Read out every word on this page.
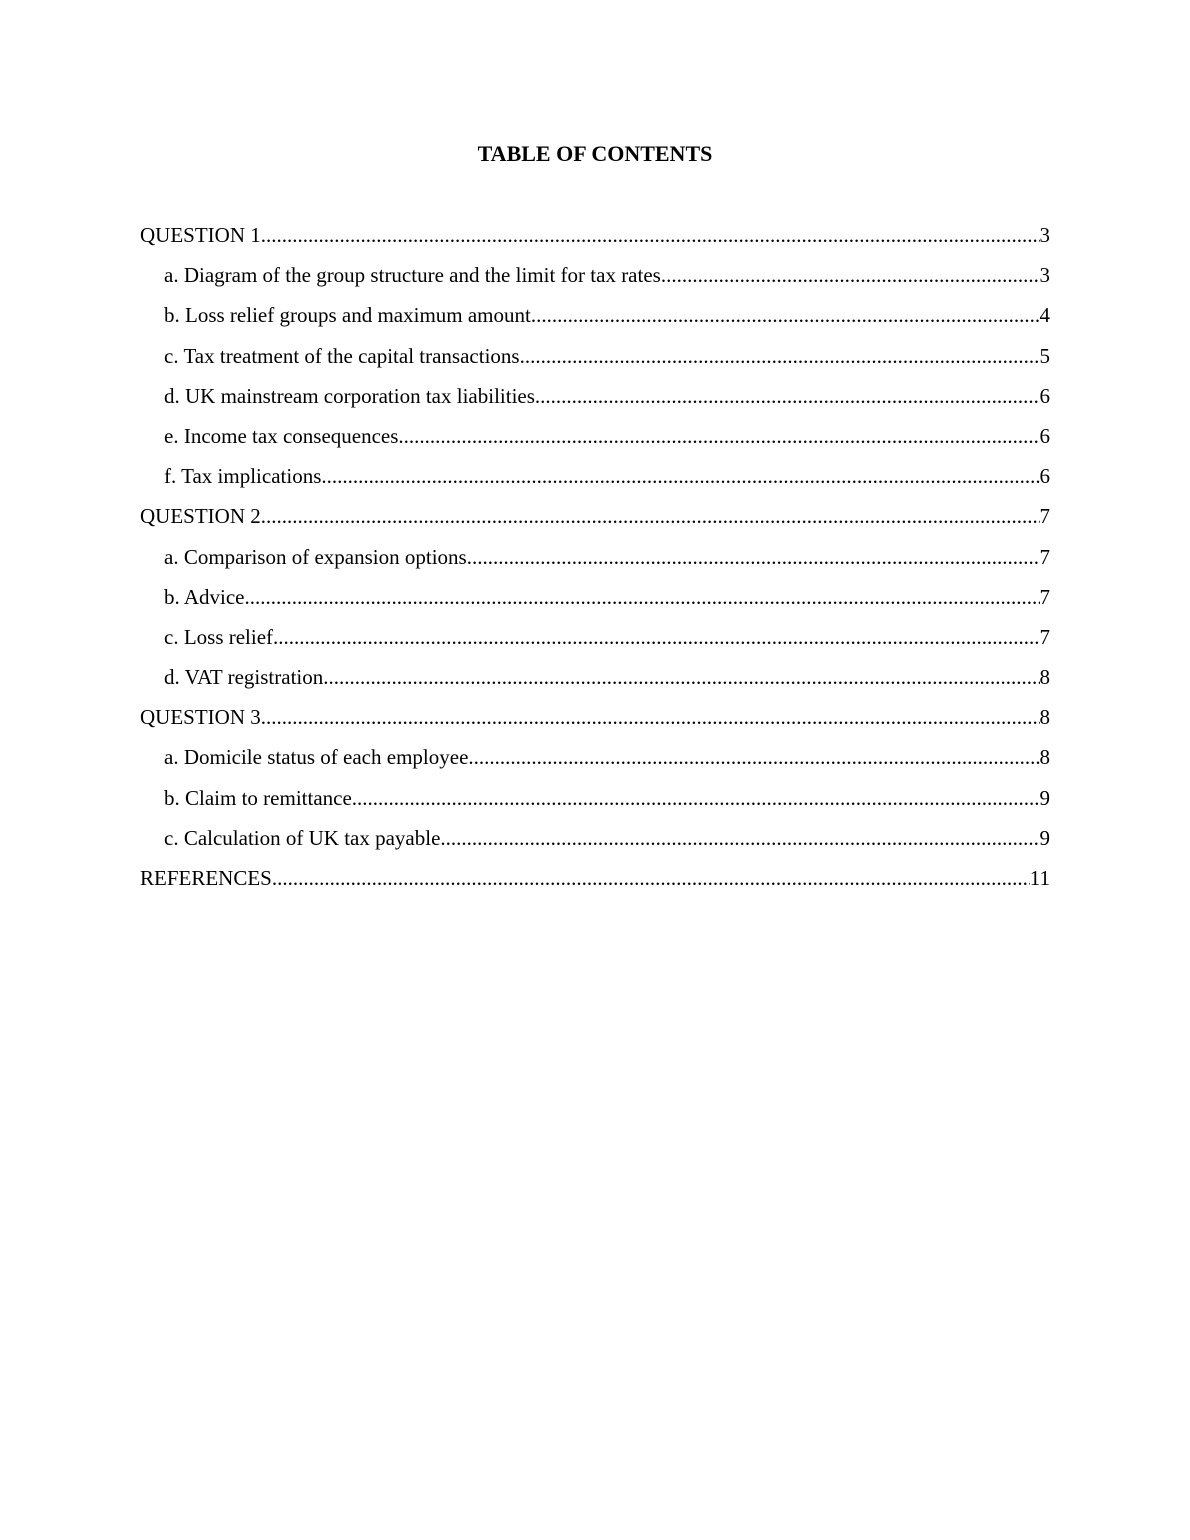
TABLE OF CONTENTS
QUESTION 1 .....	3
a. Diagram of the group structure and the limit for tax rates .....	3
b. Loss relief groups and maximum amount .....	4
c. Tax treatment of the capital transactions .....	5
d. UK mainstream corporation tax liabilities .....	6
e. Income tax consequences .....	6
f. Tax implications .....	6
QUESTION 2 .....	7
a. Comparison of expansion options .....	7
b. Advice .....	7
c. Loss relief .....	7
d. VAT registration .....	8
QUESTION 3 .....	8
a. Domicile status of each employee .....	8
b. Claim to remittance .....	9
c. Calculation of UK tax payable .....	9
REFERENCES .....	11
